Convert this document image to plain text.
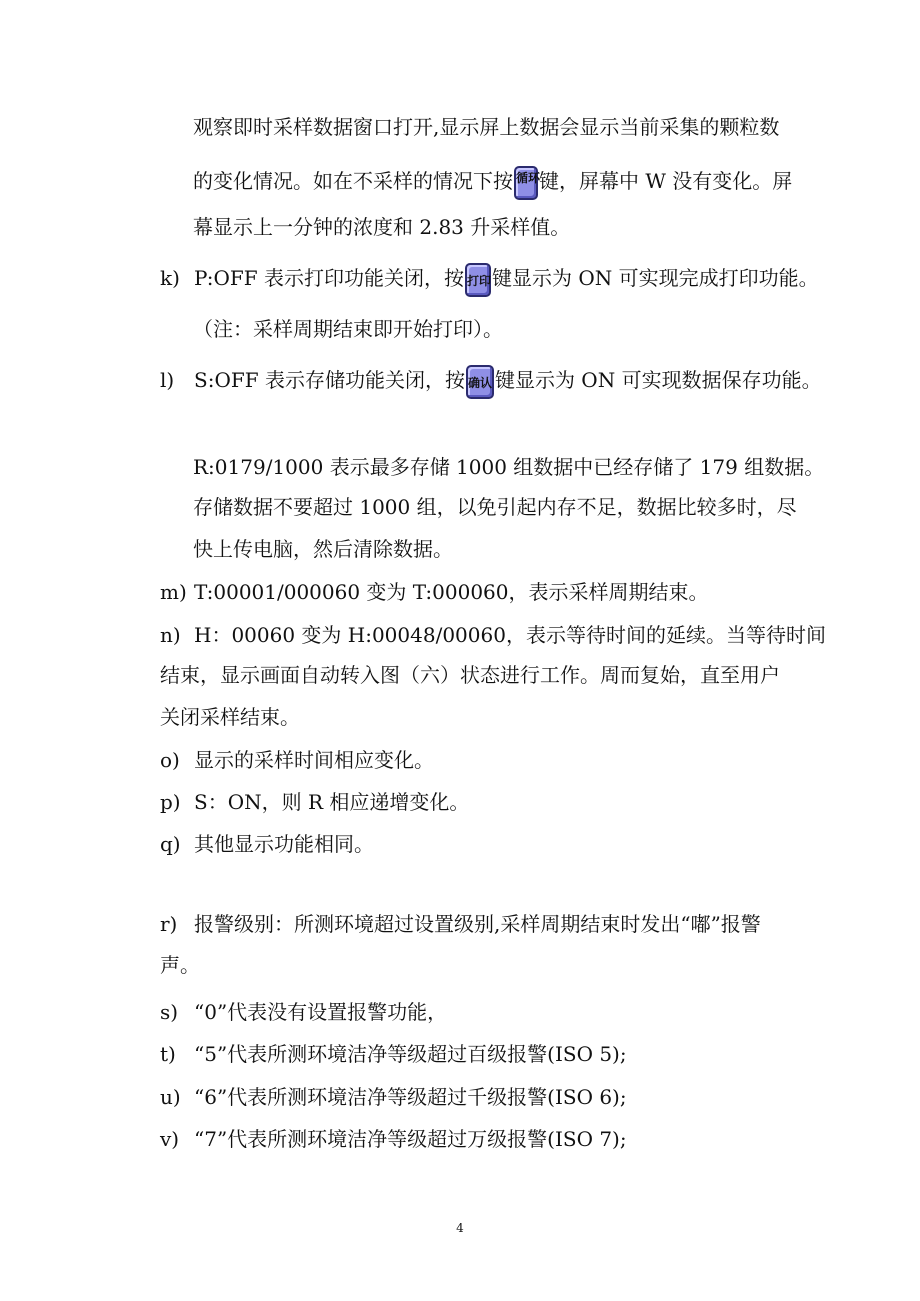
观察即时采样数据窗口打开,显示屏上数据会显示当前采集的颗粒数
的变化情况。如在不采样的情况下按 循环键，屏幕中 W 没有变化。屏
幕显示上一分钟的浓度和 2.83 升采样值。
k) P:OFF 表示打印功能关闭，按 打印键显示为 ON 可实现完成打印功能。
（注：采样周期结束即开始打印）。
l) S:OFF 表示存储功能关闭，按 确认 键显示为 ON 可实现数据保存功能。
R:0179/1000 表示最多存储 1000 组数据中已经存储了 179 组数据。
存储数据不要超过 1000 组，以免引起内存不足，数据比较多时，尽
快上传电脑，然后清除数据。
m) T:00001/000060 变为 T:000060，表示采样周期结束。
n) H：00060 变为 H:00048/00060，表示等待时间的延续。当等待时间
结束，显示画面自动转入图（六）状态进行工作。周而复始，直至用户
关闭采样结束。
o) 显示的采样时间相应变化。
p) S：ON，则 R 相应递增变化。
q) 其他显示功能相同。
r) 报警级别：所测环境超过设置级别,采样周期结束时发出“嘟”报警
声。
s) “0”代表没有设置报警功能，
t) “5”代表所测环境洁净等级超过百级报警(ISO 5);
u) “6”代表所测环境洁净等级超过千级报警(ISO 6);
v) “7”代表所测环境洁净等级超过万级报警(ISO 7);
4
